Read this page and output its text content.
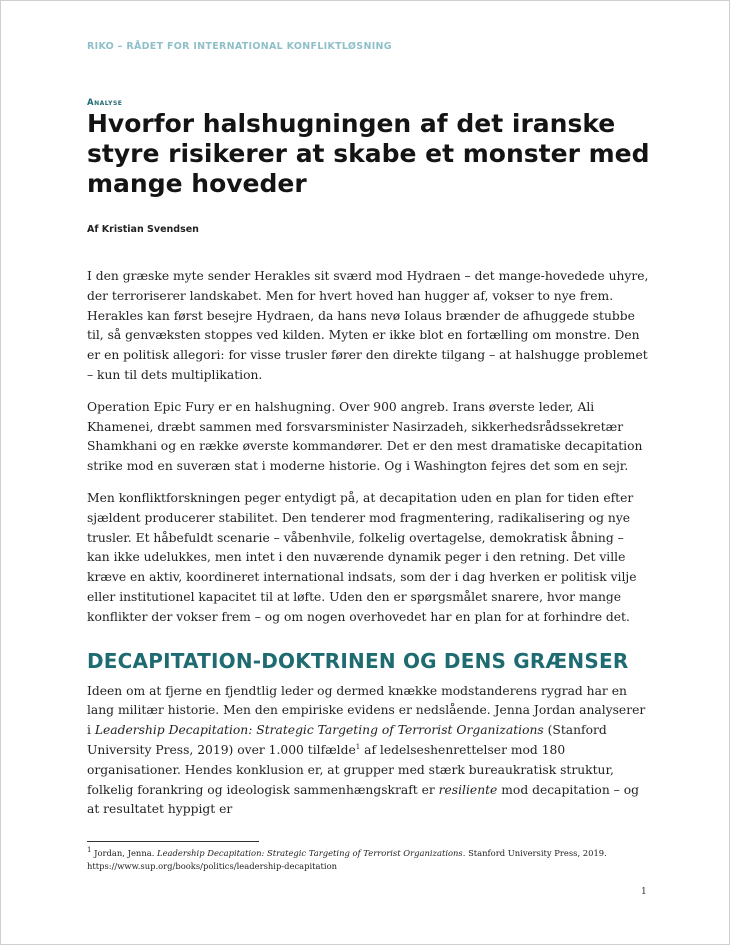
RIKO – RÅDET FOR INTERNATIONAL KONFLIKTLØSNING
Analyse
Hvorfor halshugningen af det iranske styre risikerer at skabe et monster med mange hoveder
Af Kristian Svendsen

I den græske myte sender Herakles sit sværd mod Hydraen – det mange-hovedede uhyre, der terroriserer landskabet. Men for hvert hoved han hugger af, vokser to nye frem. Herakles kan først besejre Hydraen, da hans nevø Iolaus brænder de afhuggede stubbe til, så genvæksten stoppes ved kilden. Myten er ikke blot en fortælling om monstre. Den er en politisk allegori: for visse trusler fører den direkte tilgang – at halshugge problemet – kun til dets multiplikation.

Operation Epic Fury er en halshugning. Over 900 angreb. Irans øverste leder, Ali Khamenei, dræbt sammen med forsvarsminister Nasirzadeh, sikkerhedsrådssekretær Shamkhani og en række øverste kommandører. Det er den mest dramatiske decapitation strike mod en suveræn stat i moderne historie. Og i Washington fejres det som en sejr.

Men konfliktforskningen peger entydigt på, at decapitation uden en plan for tiden efter sjældent producerer stabilitet. Den tenderer mod fragmentering, radikalisering og nye trusler. Et håbefuldt scenarie – våbenhvile, folkelig overtagelse, demokratisk åbning – kan ikke udelukkes, men intet i den nuværende dynamik peger i den retning. Det ville kræve en aktiv, koordineret international indsats, som der i dag hverken er politisk vilje eller institutionel kapacitet til at løfte. Uden den er spørgsmålet snarere, hvor mange konflikter der vokser frem – og om nogen overhovedet har en plan for at forhindre det.

DECAPITATION-DOKTRINEN OG DENS GRÆNSER

Ideen om at fjerne en fjendtlig leder og dermed knække modstanderens rygrad har en lang militær historie. Men den empiriske evidens er nedslående. Jenna Jordan analyserer i Leadership Decapitation: Strategic Targeting of Terrorist Organizations (Stanford University Press, 2019) over 1.000 tilfælde$^1$ af ledelseshenrettelser mod 180 organisationer. Hendes konklusion er, at grupper med stærk bureaukratisk struktur, folkelig forankring og ideologisk sammenhængskraft er resiliente mod decapitation – og at resultatet hyppigt er

$^1$ Jordan, Jenna. Leadership Decapitation: Strategic Targeting of Terrorist Organizations. Stanford University Press, 2019.
https://www.sup.org/books/politics/leadership-decapitation
1
